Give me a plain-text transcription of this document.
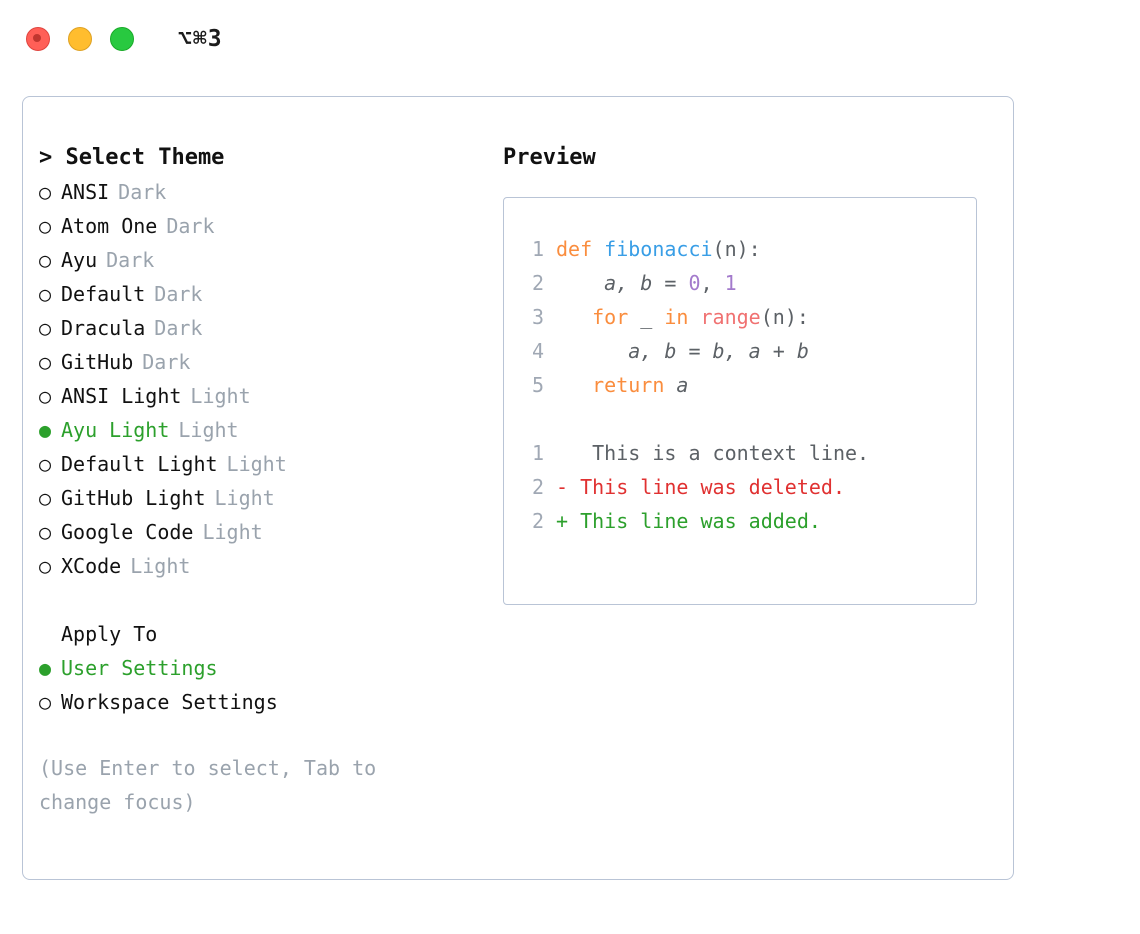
⌥⌘3
> Select Theme
○ ANSI Dark
○ Atom One Dark
○ Ayu Dark
○ Default Dark
○ Dracula Dark
○ GitHub Dark
○ ANSI Light Light
● Ayu Light Light
○ Default Light Light
○ GitHub Light Light
○ Google Code Light
○ XCode Light
Apply To
● User Settings
○ Workspace Settings
(Use Enter to select, Tab to change focus)
Preview
1 def fibonacci(n):
2    a, b = 0, 1
3 for _ in range(n):
4      a, b = b, a + b
5 return a
1   This is a context line.
2 - This line was deleted.
2 + This line was added.
